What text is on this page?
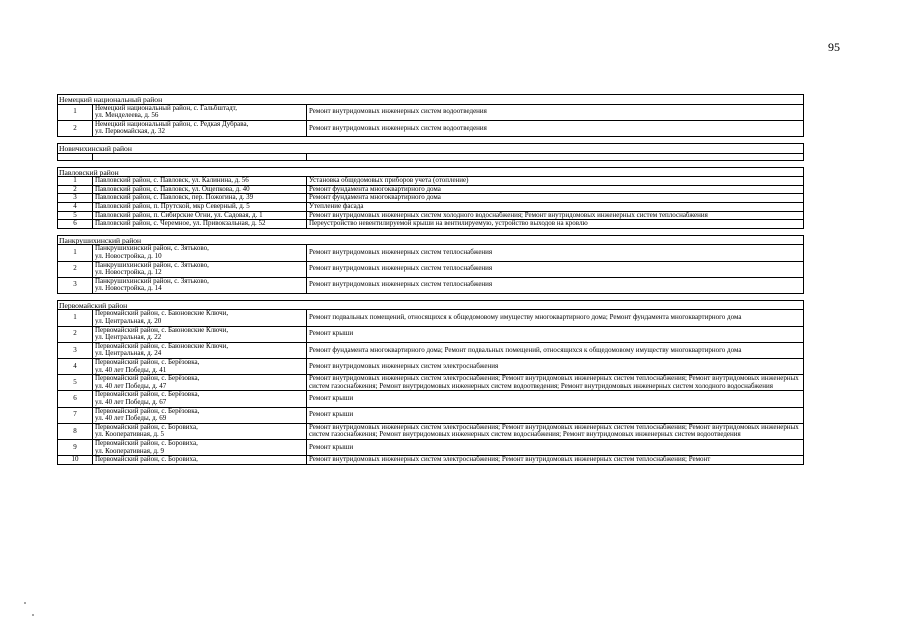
95
Немецкий национальный район		
1	Немецкий национальный район, с. Гальбштадт,
ул. Менделеева, д. 56	Ремонт внутридомовых инженерных систем водоотведения
2	Немецкий национальный район, с. Редкая Дубрава,
ул. Первомайская, д. 32	Ремонт внутридомовых инженерных систем водоотведения

Новичихинский район		

Павловский район		
1	Павловский район, с. Павловск, ул. Калинина, д. 56	Установка общедомовых приборов учета (отопление)
2	Павловский район, с. Павловск, ул. Ощепкова, д. 40	Ремонт фундамента многоквартирного дома
3	Павловский район, с. Павловск, пер. Пожогина, д. 39	Ремонт фундамента многоквартирного дома
4	Павловский район, п. Прутской, мкр Северный, д. 5	Утепление фасада
5	Павловский район, п. Сибирские Огни, ул. Садовая, д. 1	Ремонт внутридомовых инженерных систем холодного водоснабжения; Ремонт внутридомовых инженерных систем теплоснабжения
6	Павловский район, с. Черемное, ул. Привокзальная, д. 52	Переустройство невентилируемой крыши на вентилируемую, устройство выходов на кровлю

Панкрушихинский район		
1	Панкрушихинский район, с. Зятьково,
ул. Новостройка, д. 10	Ремонт внутридомовых инженерных систем теплоснабжения
2	Панкрушихинский район, с. Зятьково,
ул. Новостройка, д. 12	Ремонт внутридомовых инженерных систем теплоснабжения
3	Панкрушихинский район, с. Зятьково,
ул. Новостройка, д. 14	Ремонт внутридомовых инженерных систем теплоснабжения

Первомайский район		
1	Первомайский район, с. Баюновские Ключи,
ул. Центральная, д. 20	Ремонт подвальных помещений, относящихся к общедомовому имуществу многоквартирного дома; Ремонт фундамента многоквартирного дома
2	Первомайский район, с. Баюновские Ключи,
ул. Центральная, д. 22	Ремонт крыши
3	Первомайский район, с. Баюновские Ключи,
ул. Центральная, д. 24	Ремонт фундамента многоквартирного дома; Ремонт подвальных помещений, относящихся к общедомовому имуществу многоквартирного дома
4	Первомайский район, с. Берёзовка,
ул. 40 лет Победы, д. 41	Ремонт внутридомовых инженерных систем электроснабжения
5	Первомайский район, с. Берёзовка,
ул. 40 лет Победы, д. 47	Ремонт внутридомовых инженерных систем электроснабжения; Ремонт внутридомовых инженерных систем теплоснабжения; Ремонт внутридомовых инженерных систем газоснабжения; Ремонт внутридомовых инженерных систем водоотведения; Ремонт внутридомовых инженерных систем холодного водоснабжения
6	Первомайский район, с. Берёзовка,
ул. 40 лет Победы, д. 67	Ремонт крыши
7	Первомайский район, с. Берёзовка,
ул. 40 лет Победы, д. 69	Ремонт крыши
8	Первомайский район, с. Боровиха,
ул. Кооперативная, д. 5	Ремонт внутридомовых инженерных систем электроснабжения; Ремонт внутридомовых инженерных систем теплоснабжения; Ремонт внутридомовых инженерных систем газоснабжения; Ремонт внутридомовых инженерных систем водоснабжения; Ремонт внутридомовых инженерных систем водоотведения
9	Первомайский район, с. Боровиха,
ул. Кооперативная, д. 9	Ремонт крыши
10	Первомайский район, с. Боровиха,	Ремонт внутридомовых инженерных систем электроснабжения; Ремонт внутридомовых инженерных систем теплоснабжения; Ремонт
